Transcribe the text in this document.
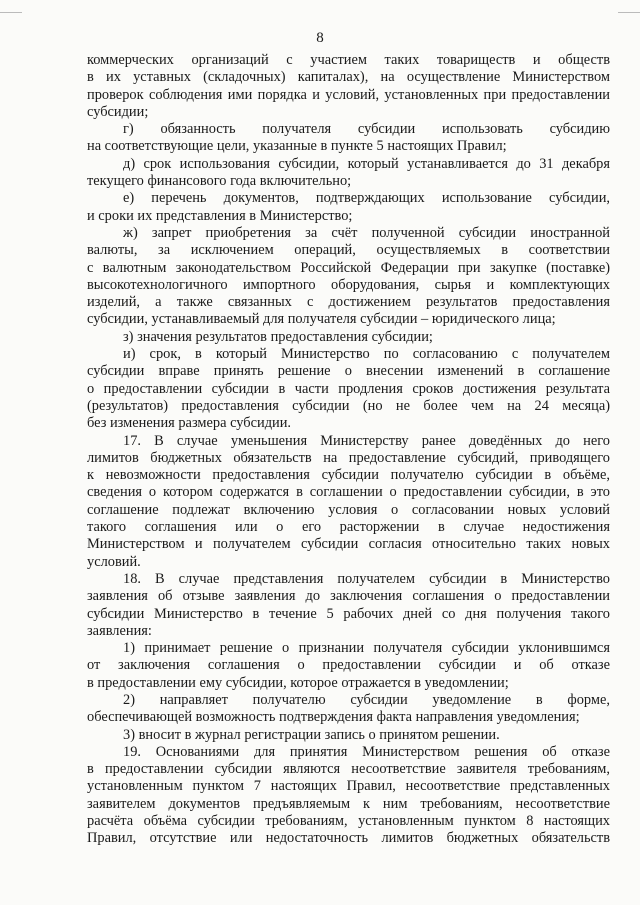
8
коммерческих организаций с участием таких товариществ и обществ
в их уставных (складочных) капиталах), на осуществление Министерством
проверок соблюдения ими порядка и условий, установленных при предоставлении
субсидии;
г) обязанность получателя субсидии использовать субсидию
на соответствующие цели, указанные в пункте 5 настоящих Правил;
д) срок использования субсидии, который устанавливается до 31 декабря
текущего финансового года включительно;
е) перечень документов, подтверждающих использование субсидии,
и сроки их представления в Министерство;
ж) запрет приобретения за счёт полученной субсидии иностранной
валюты, за исключением операций, осуществляемых в соответствии
с валютным законодательством Российской Федерации при закупке (поставке)
высокотехнологичного импортного оборудования, сырья и комплектующих
изделий, а также связанных с достижением результатов предоставления
субсидии, устанавливаемый для получателя субсидии – юридического лица;
з) значения результатов предоставления субсидии;
и) срок, в который Министерство по согласованию с получателем
субсидии вправе принять решение о внесении изменений в соглашение
о предоставлении субсидии в части продления сроков достижения результата
(результатов) предоставления субсидии (но не более чем на 24 месяца)
без изменения размера субсидии.
17. В случае уменьшения Министерству ранее доведённых до него
лимитов бюджетных обязательств на предоставление субсидий, приводящего
к невозможности предоставления субсидии получателю субсидии в объёме,
сведения о котором содержатся в соглашении о предоставлении субсидии, в это
соглашение подлежат включению условия о согласовании новых условий
такого соглашения или о его расторжении в случае недостижения
Министерством и получателем субсидии согласия относительно таких новых
условий.
18. В случае представления получателем субсидии в Министерство
заявления об отзыве заявления до заключения соглашения о предоставлении
субсидии Министерство в течение 5 рабочих дней со дня получения такого
заявления:
1) принимает решение о признании получателя субсидии уклонившимся
от заключения соглашения о предоставлении субсидии и об отказе
в предоставлении ему субсидии, которое отражается в уведомлении;
2) направляет получателю субсидии уведомление в форме,
обеспечивающей возможность подтверждения факта направления уведомления;
3) вносит в журнал регистрации запись о принятом решении.
19. Основаниями для принятия Министерством решения об отказе
в предоставлении субсидии являются несоответствие заявителя требованиям,
установленным пунктом 7 настоящих Правил, несоответствие представленных
заявителем документов предъявляемым к ним требованиям, несоответствие
расчёта объёма субсидии требованиям, установленным пунктом 8 настоящих
Правил, отсутствие или недостаточность лимитов бюджетных обязательств
